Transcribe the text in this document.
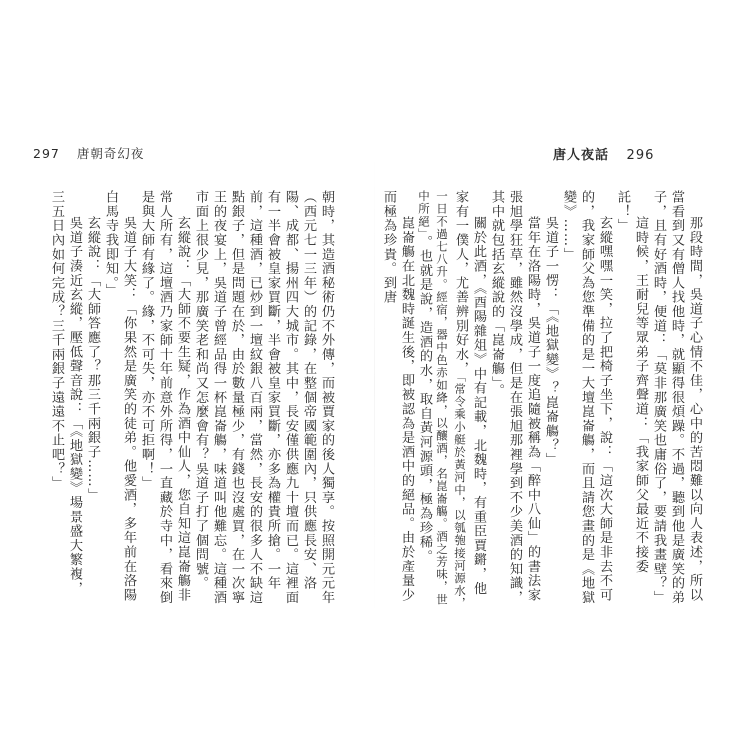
297 唐朝奇幻夜	唐人夜話 296

朝時，其造酒秘術仍不外傳，而被賈家的後人獨享。按照開元元年（西元七一三年）的記錄，在整個帝國範圍內，只供應長安、洛陽、成都、揚州四大城市。其中，長安僅供應九十壇而已。這裡面有一半會被皇家買斷，半會被皇家買斷，亦多為權貴所搶。一年前，這種酒，已炒到一壇紋銀八百兩，當然，長安的很多人不缺這點銀子，但是問題在於，由於數量極少，有錢也沒處買，在一次寧王的夜宴上，吳道子曾經品得一杯崑崙觴，味道叫他難忘。這種酒市面上很少見，那廣笑老和尚又怎麼會有？吳道子打了個問號。

玄縱說：「大師不要生疑，作為酒中仙人，您自知這崑崙觴非常人所有，這壇酒乃家師十年前意外所得，一直藏於寺中，看來倒是與大師有緣了。緣，不可失，亦不可拒啊！」

吳道子大笑：「你果然是廣笑的徒弟。他愛酒，多年前在洛陽白馬寺我即知。」

玄縱說：「大師答應了？那三千兩銀子……」

吳道子湊近玄縱，壓低聲音說：「《地獄變》場景盛大繁複，三五日內如何完成？三千兩銀子遠遠不止吧？」	那段時間，吳道子心情不佳，心中的苦悶難以向人表述，所以當看到又有僧人找他時，就顯得很煩躁。不過，聽到他是廣笑的弟子，且有好酒時，便道：「莫非那廣笑也庸俗了，要請我畫壁？」

這時候，王耐兒等眾弟子齊聲道：「我家師父最近不接委託！」

玄縱嘿嘿一笑，拉了把椅子坐下，說：「這次大師是非去不可的，我家師父為您準備的是一大壇崑崙觴，而且請您畫的是《地獄變》……」

吳道子一愣：「《地獄變》？崑崙觴？」

當年在洛陽時，吳道子一度追隨被稱為「醉中八仙」的書法家張旭學狂草，雖然沒學成，但是在張旭那裡學到不少美酒的知識，其中就包括玄縱說的「崑崙觴」。

關於此酒，《酉陽雜俎》中有記載，北魏時，有重臣賈鏘，他家有一僕人，尤善辨別好水，「常令乘小艇於黃河中，以瓠匏接河源水，一日不過七八升。經宿，器中色赤如絳，以釀酒，名崑崙觴。酒之芳味，世中所絕」。也就是說，造酒的水，取自黃河源頭，極為珍稀。

崑崙觴在北魏時誕生後，即被認為是酒中的絕品。由於產量少而極為珍貴。到唐
